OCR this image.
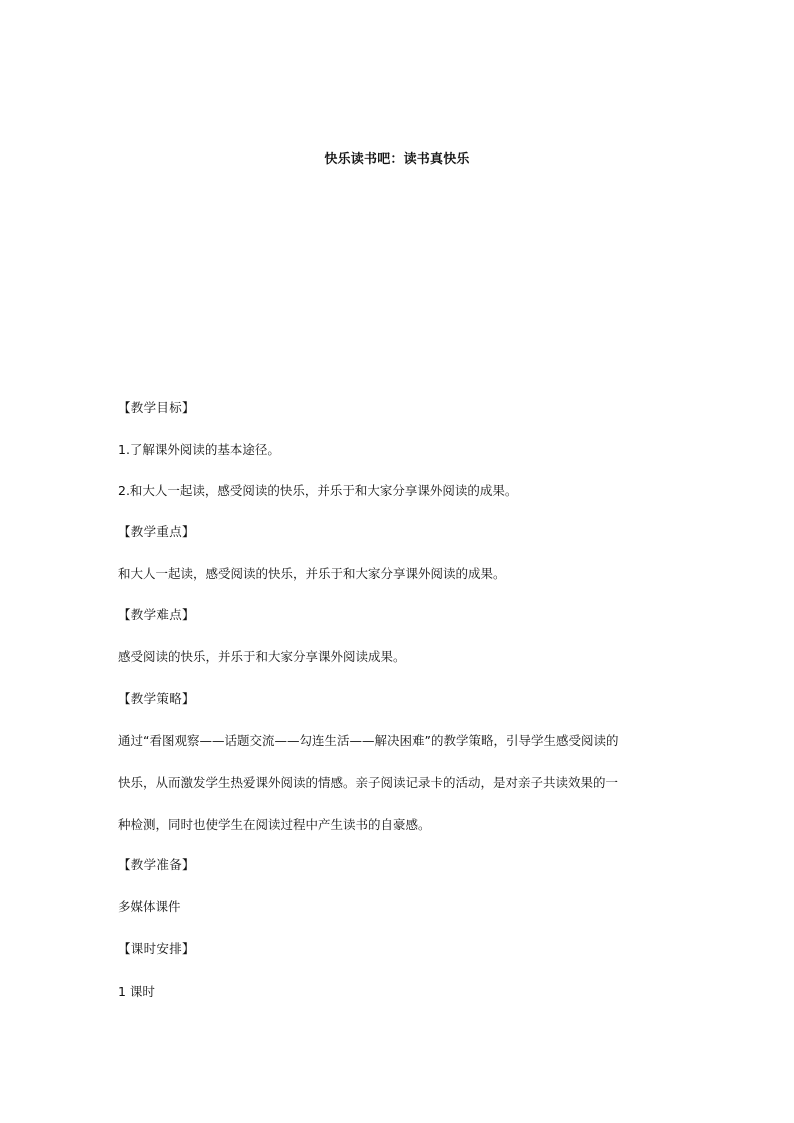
快乐读书吧：读书真快乐
【教学目标】
1.了解课外阅读的基本途径。
2.和大人一起读，感受阅读的快乐，并乐于和大家分享课外阅读的成果。
【教学重点】
和大人一起读，感受阅读的快乐，并乐于和大家分享课外阅读的成果。
【教学难点】
感受阅读的快乐，并乐于和大家分享课外阅读成果。
【教学策略】
通过“看图观察——话题交流——勾连生活——解决困难”的教学策略，引导学生感受阅读的
快乐，从而激发学生热爱课外阅读的情感。亲子阅读记录卡的活动，是对亲子共读效果的一
种检测，同时也使学生在阅读过程中产生读书的自豪感。
【教学准备】
多媒体课件
【课时安排】
1 课时
